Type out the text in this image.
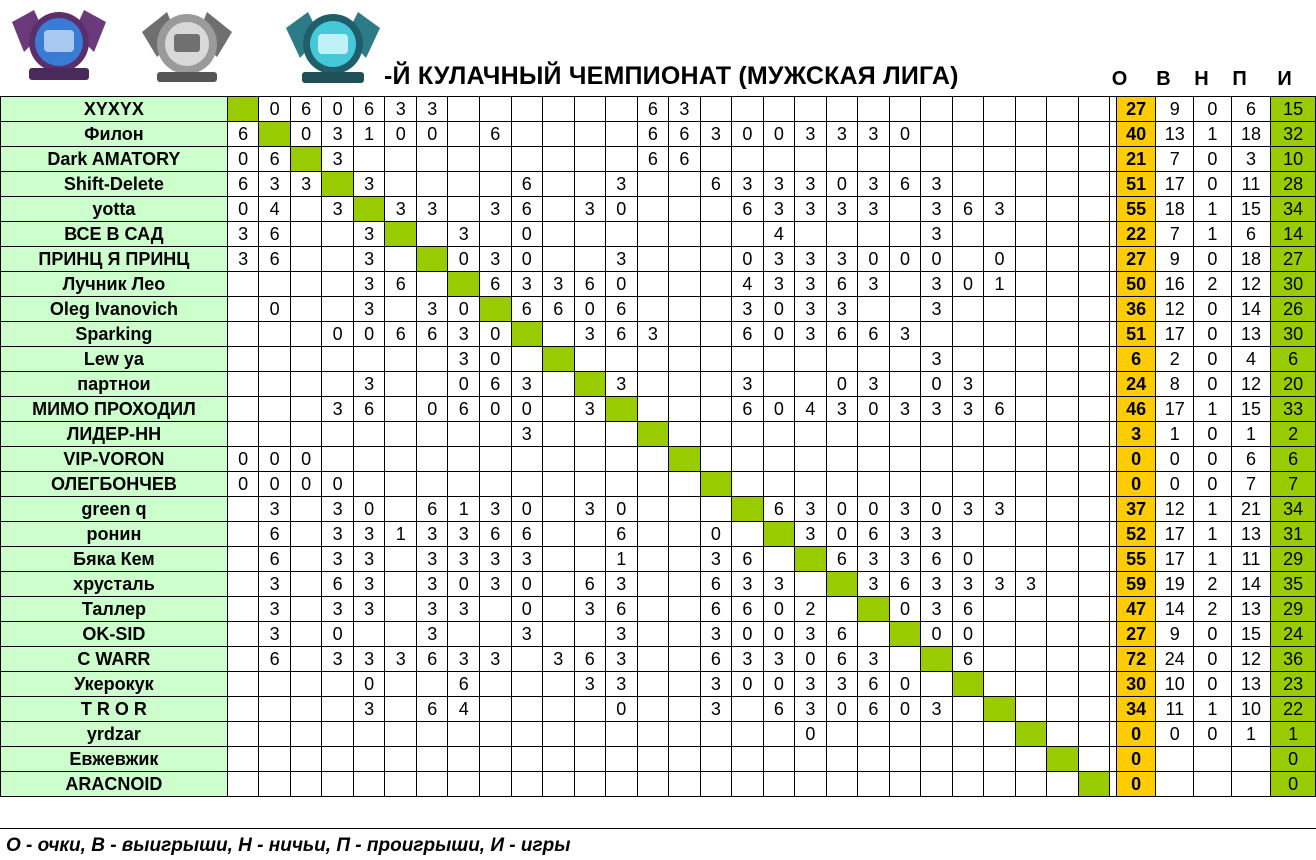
-Й КУЛАЧНЫЙ ЧЕМПИОНАТ (МУЖСКАЯ ЛИГА)	О	В	Н	П	И
XYXYX		0	6	0	6	3	3							6	3															27	9	0	6	15
Филон	6		0	3	1	0	0		6					6	6	3	0	0	3	3	3	0								40	13	1	18	32
Dark AMATORY	0	6		3										6	6															21	7	0	3	10
Shift-Delete	6	3	3		3					6			3			6	3	3	3	0	3	6	3							51	17	0	11	28
yotta	0	4		3		3	3		3	6		3	0				6	3	3	3	3		3	6	3					55	18	1	15	34
ВСЕ В САД	3	6			3			3		0								4					3							22	7	1	6	14
ПРИНЦ Я ПРИНЦ	3	6			3			0	3	0			3				0	3	3	3	0	0	0		0					27	9	0	18	27
Лучник Лео					3	6			6	3	3	6	0				4	3	3	6	3		3	0	1					50	16	2	12	30
Oleg Ivanovich		0			3		3	0		6	6	0	6				3	0	3	3			3							36	12	0	14	26
Sparking				0	0	6	6	3	0			3	6	3			6	0	3	6	6	3								51	17	0	13	30
Lew ya								3	0														3							6	2	0	4	6
партнои					3			0	6	3			3				3			0	3		0	3						24	8	0	12	20
МИМО ПРОХОДИЛ				3	6		0	6	0	0		3					6	0	4	3	0	3	3	3	6					46	17	1	15	33
ЛИДЕР-НН										3																				3	1	0	1	2
VIP-VORON	0	0	0																											0	0	0	6	6
ОЛЕГБОНЧЕВ	0	0	0	0																										0	0	0	7	7
green q		3		3	0		6	1	3	0		3	0					6	3	0	0	3	0	3	3					37	12	1	21	34
ронин		6		3	3	1	3	3	6	6			6			0			3	0	6	3	3							52	17	1	13	31
Бяка Кем		6		3	3		3	3	3	3			1			3	6			6	3	3	6	0						55	17	1	11	29
хрусталь		3		6	3		3	0	3	0		6	3			6	3	3			3	6	3	3	3	3				59	19	2	14	35
Таллер		3		3	3		3	3		0		3	6			6	6	0	2			0	3	6						47	14	2	13	29
OK-SID		3		0			3			3			3			3	0	0	3	6			0	0						27	9	0	15	24
C WARR		6		3	3	3	6	3	3		3	6	3			6	3	3	0	6	3			6						72	24	0	12	36
Укерокук					0			6				3	3			3	0	0	3	3	6	0								30	10	0	13	23
T R O R					3		6	4					0			3		6	3	0	6	0	3							34	11	1	10	22
yrdzar																			0											0	0	0	1	1
Евжевжик																														0				0
ARACNOID																														0				0
О - очки, В - выигрыши, Н - ничьи, П - проигрыши, И - игры
